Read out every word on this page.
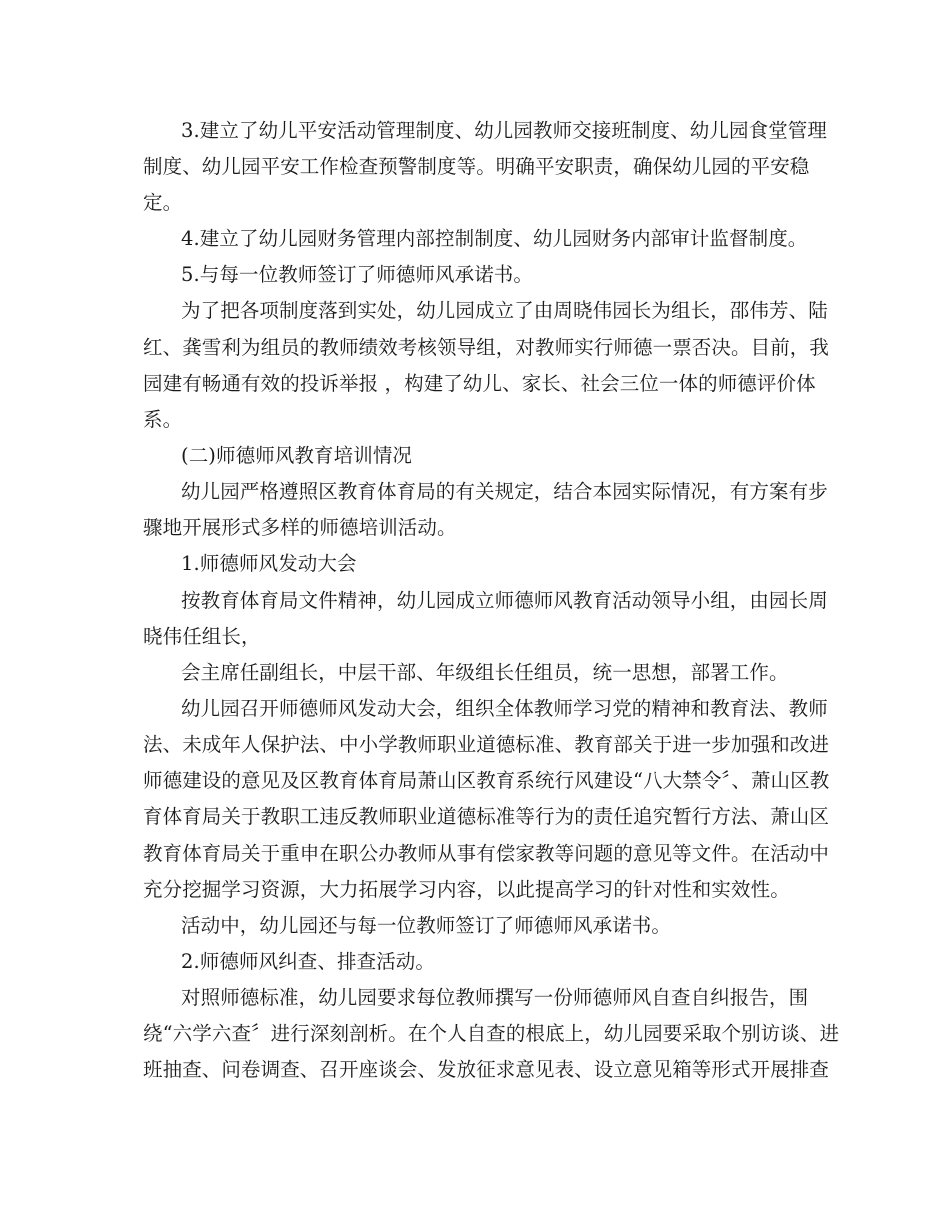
3.建立了幼儿平安活动管理制度、幼儿园教师交接班制度、幼儿园食堂管理
制度、幼儿园平安工作检查预警制度等。明确平安职责，确保幼儿园的平安稳
定。
4.建立了幼儿园财务管理内部控制制度、幼儿园财务内部审计监督制度。
5.与每一位教师签订了师德师风承诺书。
为了把各项制度落到实处，幼儿园成立了由周晓伟园长为组长，邵伟芳、陆
红、龚雪利为组员的教师绩效考核领导组，对教师实行师德一票否决。目前，我
园建有畅通有效的投诉举报 ，构建了幼儿、家长、社会三位一体的师德评价体
系。
(二)师德师风教育培训情况
幼儿园严格遵照区教育体育局的有关规定，结合本园实际情况，有方案有步
骤地开展形式多样的师德培训活动。
1.师德师风发动大会
按教育体育局文件精神，幼儿园成立师德师风教育活动领导小组，由园长周
晓伟任组长，
会主席任副组长，中层干部、年级组长任组员，统一思想，部署工作。
幼儿园召开师德师风发动大会，组织全体教师学习党的精神和教育法、教师
法、未成年人保护法、中小学教师职业道德标准、教育部关于进一步加强和改进
师德建设的意见及区教育体育局萧山区教育系统行风建设“八大禁令〞、萧山区教
育体育局关于教职工违反教师职业道德标准等行为的责任追究暂行方法、萧山区
教育体育局关于重申在职公办教师从事有偿家教等问题的意见等文件。在活动中
充分挖掘学习资源，大力拓展学习内容，以此提高学习的针对性和实效性。
活动中，幼儿园还与每一位教师签订了师德师风承诺书。
2.师德师风纠查、排查活动。
对照师德标准，幼儿园要求每位教师撰写一份师德师风自查自纠报告，围
绕“六学六查〞进行深刻剖析。在个人自查的根底上，幼儿园要采取个别访谈、进
班抽查、问卷调查、召开座谈会、发放征求意见表、设立意见箱等形式开展排查
